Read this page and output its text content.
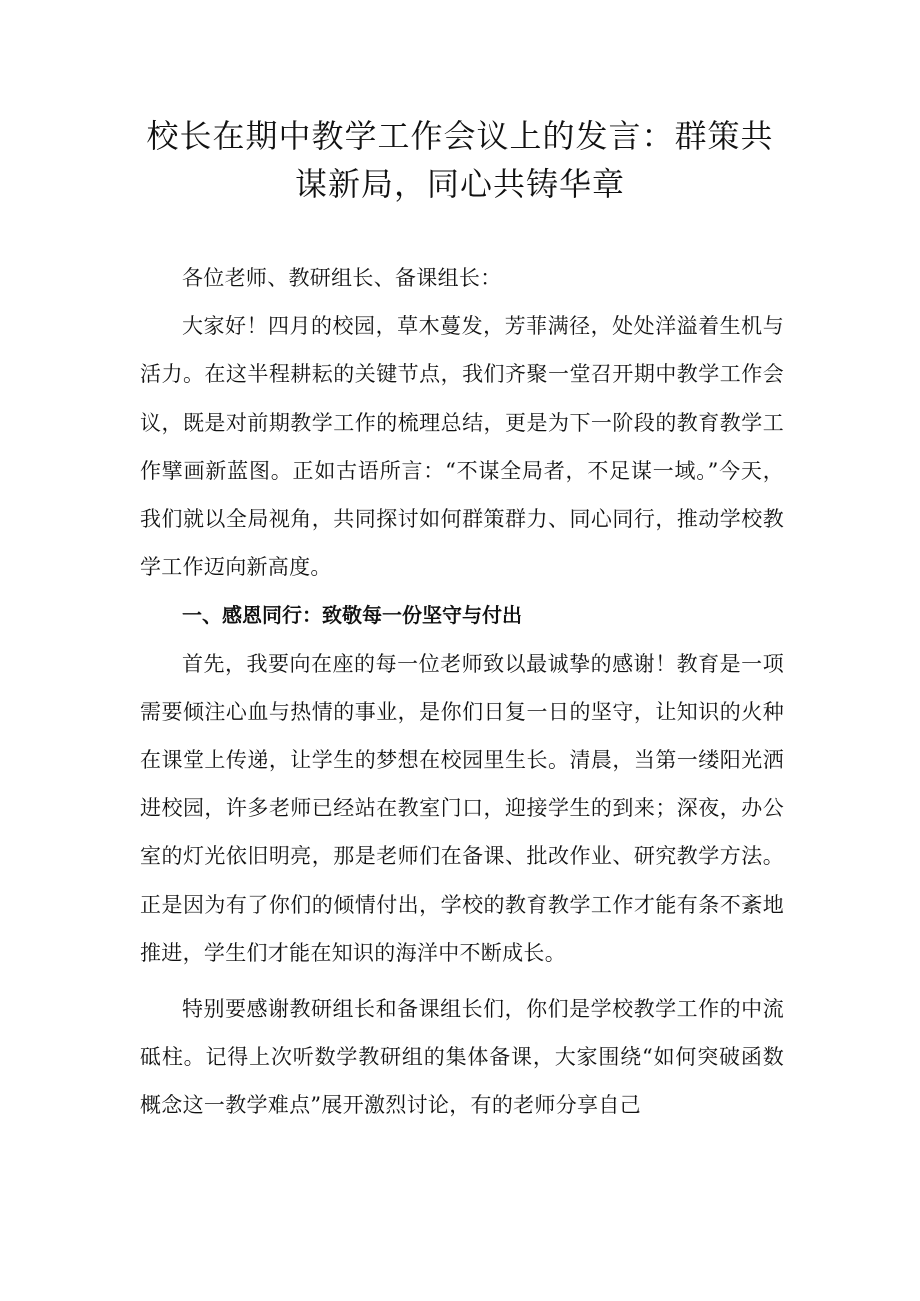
校长在期中教学工作会议上的发言：群策共谋新局，同心共铸华章

各位老师、教研组长、备课组长：

大家好！四月的校园，草木蔓发，芳菲满径，处处洋溢着生机与活力。在这半程耕耘的关键节点，我们齐聚一堂召开期中教学工作会议，既是对前期教学工作的梳理总结，更是为下一阶段的教育教学工作擘画新蓝图。正如古语所言：“不谋全局者，不足谋一域。”今天，我们就以全局视角，共同探讨如何群策群力、同心同行，推动学校教学工作迈向新高度。

一、感恩同行：致敬每一份坚守与付出

首先，我要向在座的每一位老师致以最诚挚的感谢！教育是一项需要倾注心血与热情的事业，是你们日复一日的坚守，让知识的火种在课堂上传递，让学生的梦想在校园里生长。清晨，当第一缕阳光洒进校园，许多老师已经站在教室门口，迎接学生的到来；深夜，办公室的灯光依旧明亮，那是老师们在备课、批改作业、研究教学方法。正是因为有了你们的倾情付出，学校的教育教学工作才能有条不紊地推进，学生们才能在知识的海洋中不断成长。

特别要感谢教研组长和备课组长们，你们是学校教学工作的中流砥柱。记得上次听数学教研组的集体备课，大家围绕“如何突破函数概念这一教学难点”展开激烈讨论，有的老师分享自己
